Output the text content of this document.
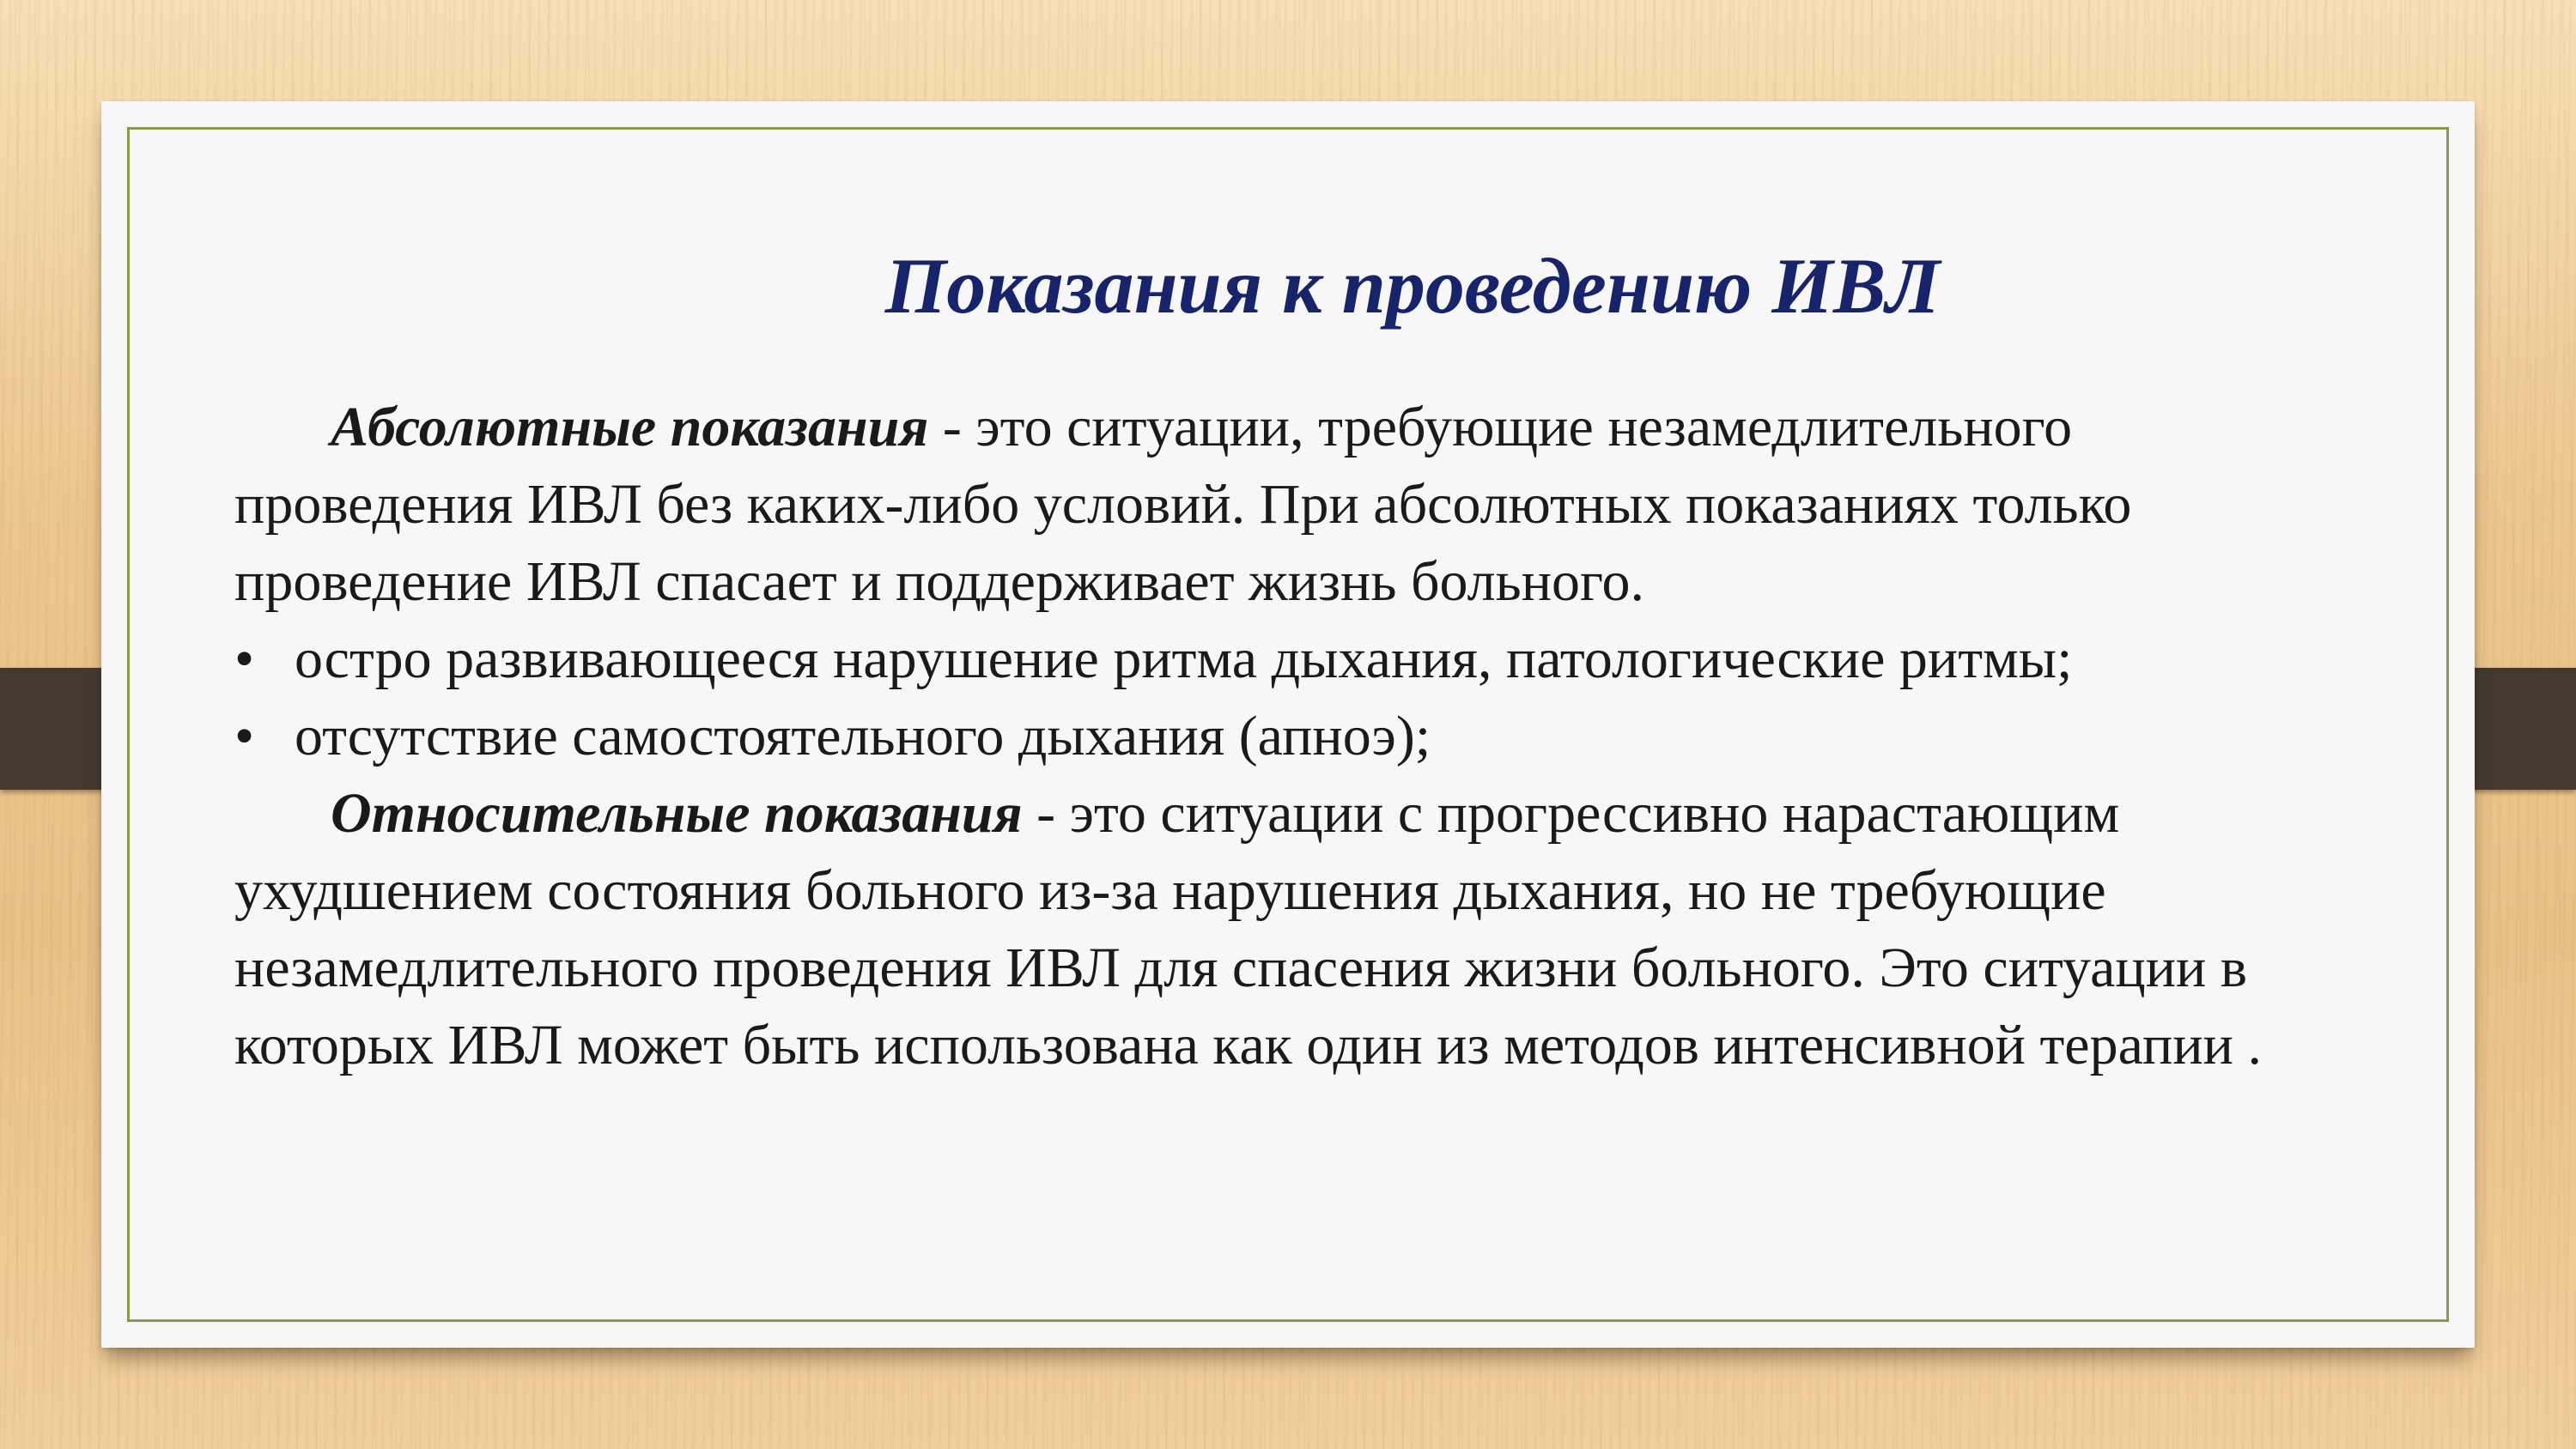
Показания к проведению ИВЛ

Абсолютные показания - это ситуации, требующие незамедлительного проведения ИВЛ без каких-либо условий. При абсолютных показаниях только проведение ИВЛ спасает и поддерживает жизнь больного.

• остро развивающееся нарушение ритма дыхания, патологические ритмы;

• отсутствие самостоятельного дыхания (апноэ);

Относительные показания - это ситуации с прогрессивно нарастающим ухудшением состояния больного из-за нарушения дыхания, но не требующие незамедлительного проведения ИВЛ для спасения жизни больного. Это ситуации в которых ИВЛ может быть использована как один из методов интенсивной терапии .
